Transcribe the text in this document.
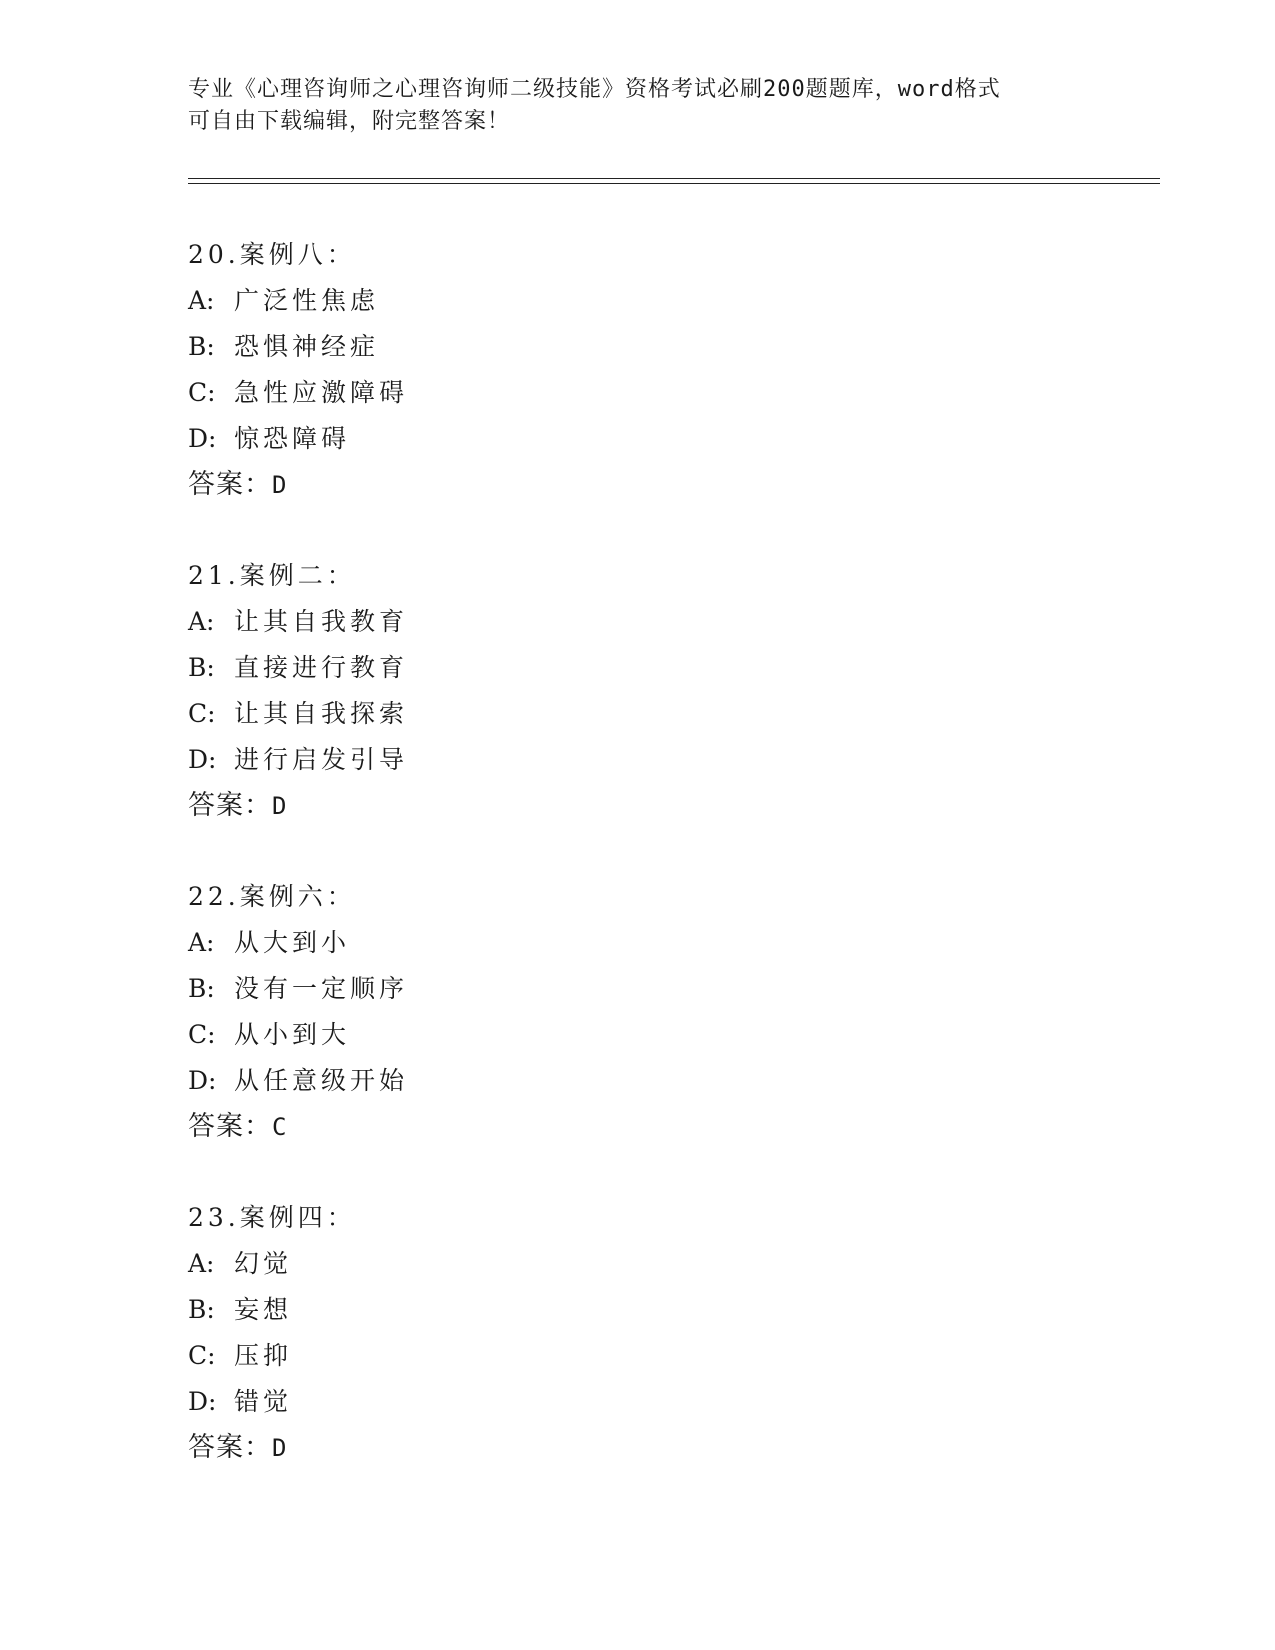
专业《心理咨询师之心理咨询师二级技能》资格考试必刷200题题库，word格式
可自由下载编辑，附完整答案！
20.案例八：
A: 广泛性焦虑
B: 恐惧神经症
C: 急性应激障碍
D: 惊恐障碍
答案：D
21.案例二：
A: 让其自我教育
B: 直接进行教育
C: 让其自我探索
D: 进行启发引导
答案：D
22.案例六：
A: 从大到小
B: 没有一定顺序
C: 从小到大
D: 从任意级开始
答案：C
23.案例四：
A: 幻觉
B: 妄想
C: 压抑
D: 错觉
答案：D
